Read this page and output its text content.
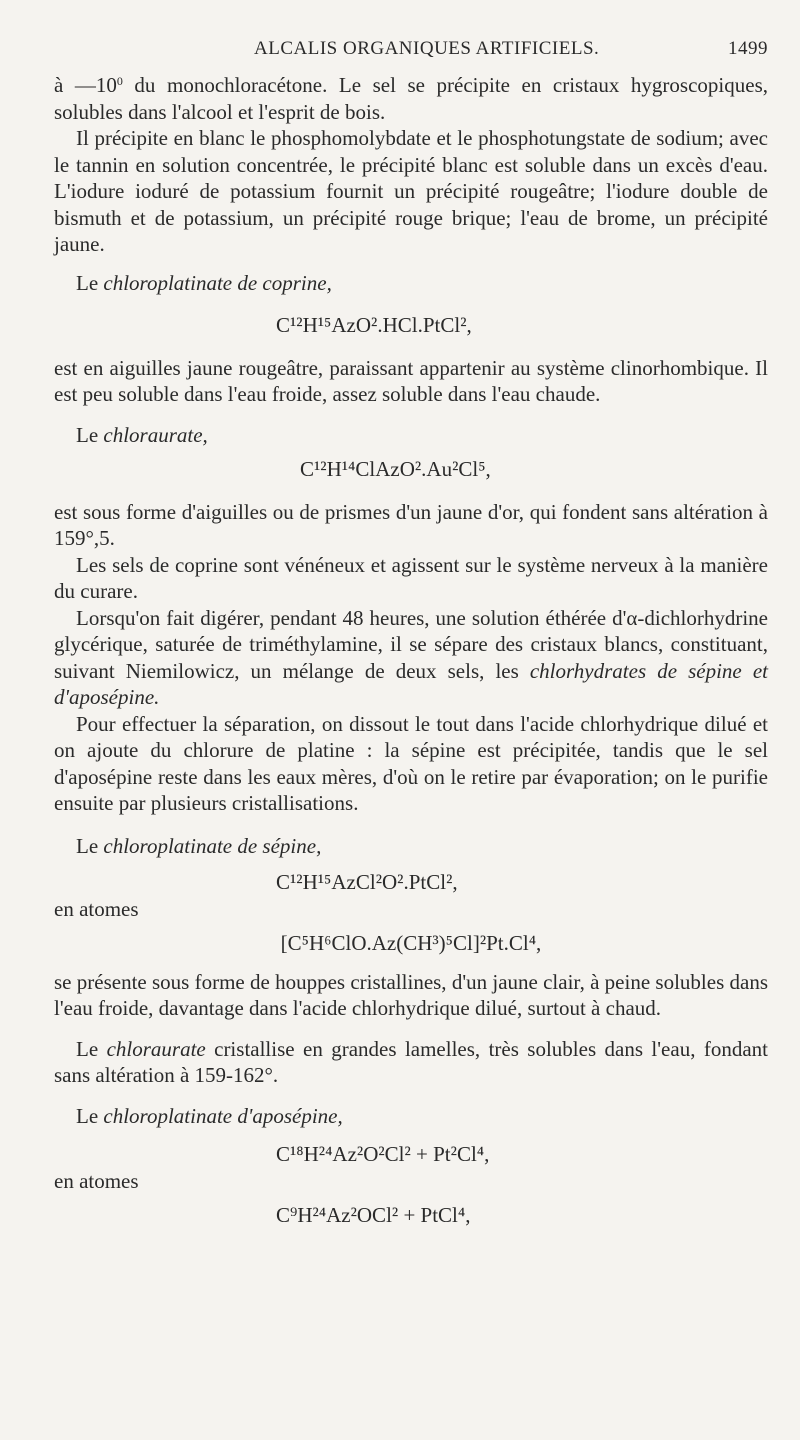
ALCALIS ORGANIQUES ARTIFICIELS.	1499

à $—10^0$ du monochloracétone. Le sel se précipite en cristaux hygroscopiques, solubles dans l'alcool et l'esprit de bois.

Il précipite en blanc le phosphomolybdate et le phosphotungstate de sodium; avec le tannin en solution concentrée, le précipité blanc est soluble dans un excès d'eau. L'iodure ioduré de potassium fournit un précipité rougeâtre; l'iodure double de bismuth et de potassium, un précipité rouge brique; l'eau de brome, un précipité jaune.

Le chloroplatinate de coprine,

C¹²H¹⁵AzO².HCl.PtCl²,

est en aiguilles jaune rougeâtre, paraissant appartenir au système clinorhombique. Il est peu soluble dans l'eau froide, assez soluble dans l'eau chaude.

Le chloraurate,

C¹²H¹⁴ClAzO².Au²Cl⁵,

est sous forme d'aiguilles ou de prismes d'un jaune d'or, qui fondent sans altération à 159°,5.

Les sels de coprine sont vénéneux et agissent sur le système nerveux à la manière du curare.

Lorsqu'on fait digérer, pendant 48 heures, une solution éthérée d'α-dichlorhydrine glycérique, saturée de triméthylamine, il se sépare des cristaux blancs, constituant, suivant Niemilowicz, un mélange de deux sels, les chlorhydrates de sépine et d'aposépine.

Pour effectuer la séparation, on dissout le tout dans l'acide chlorhydrique dilué et on ajoute du chlorure de platine : la sépine est précipitée, tandis que le sel d'aposépine reste dans les eaux mères, d'où on le retire par évaporation; on le purifie ensuite par plusieurs cristallisations.

Le chloroplatinate de sépine,

C¹²H¹⁵AzCl²O².PtCl²,

en atomes

[C⁵H⁶ClO.Az(CH³)⁵Cl]²Pt.Cl⁴,

se présente sous forme de houppes cristallines, d'un jaune clair, à peine solubles dans l'eau froide, davantage dans l'acide chlorhydrique dilué, surtout à chaud.

Le chloraurate cristallise en grandes lamelles, très solubles dans l'eau, fondant sans altération à 159-162°.

Le chloroplatinate d'aposépine,

C¹⁸H²⁴Az²O²Cl² + Pt²Cl⁴,

en atomes

C⁹H²⁴Az²OCl² + PtCl⁴,
